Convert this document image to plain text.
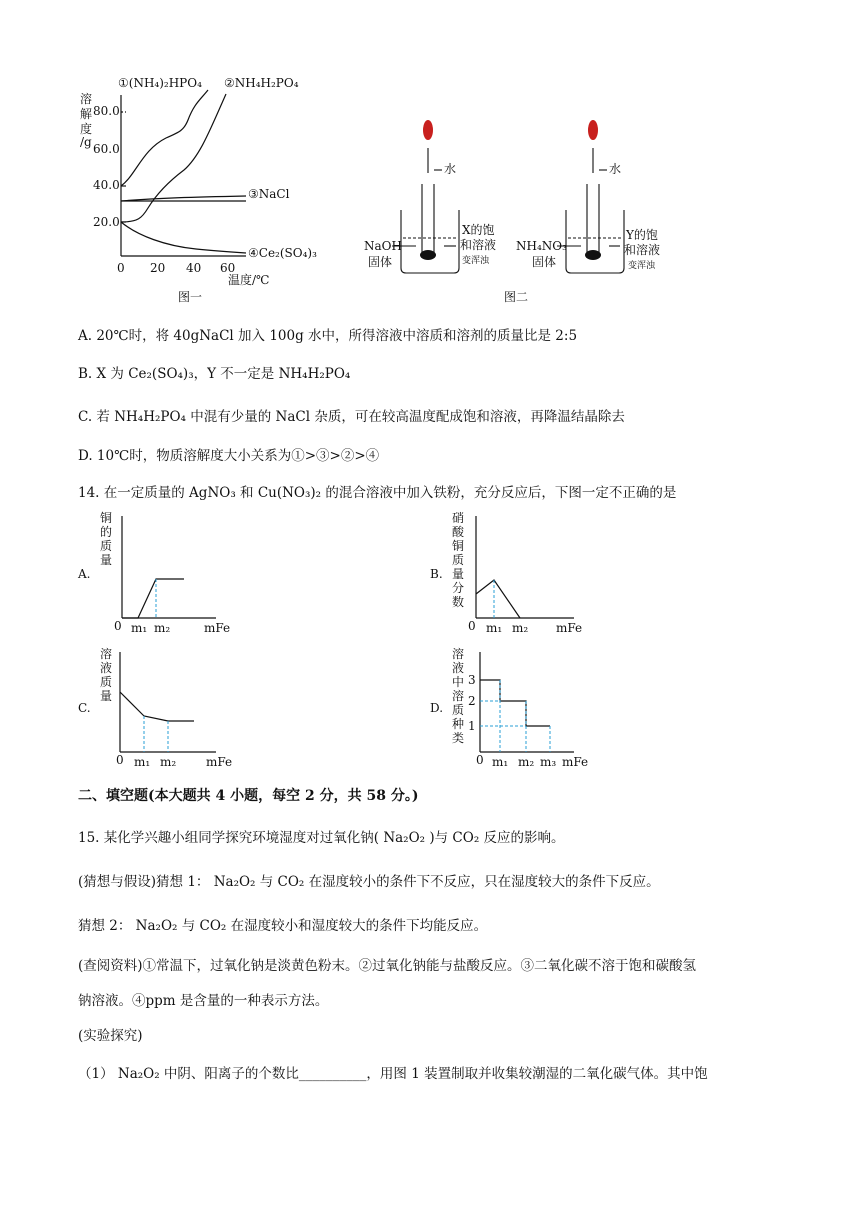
①(NH₄)₂HPO₄ ②NH₄H₂PO₄
③NaCl
④Ce₂(SO₄)₃
溶
解
度
/g
80.0
60.0
40.0
20.0
0 20 40 60
温度/℃
图一
水
NaOH
固体
X的饱
和溶液
变浑浊
水
NH₄NO₃
固体
Y的饱
和溶液
变浑浊
图二
A. 20℃时，将 40gNaCl 加入 100g 水中，所得溶液中溶质和溶剂的质量比是 2:5
B. X 为 Ce₂(SO₄)₃，Y 不一定是 NH₄H₂PO₄
C. 若 NH₄H₂PO₄ 中混有少量的 NaCl 杂质，可在较高温度配成饱和溶液，再降温结晶除去
D. 10℃时，物质溶解度大小关系为①>③>②>④
14. 在一定质量的 AgNO₃ 和 Cu(NO₃)₂ 的混合溶液中加入铁粉，充分反应后，下图一定不正确的是
A.
铜
的
质
量
0 m₁ m₂	mFe
B.
硝
酸
铜
质
量
分
数
0 m₁ m₂ mFe
C.
溶
液
质
量
0 m₁ m₂ mFe
D.
溶
液
中
溶
质
种
类
3
2
1
0 m₁ m₂ m₃ mFe
二、填空题(本大题共 4 小题，每空 2 分，共 58 分。)
15. 某化学兴趣小组同学探究环境湿度对过氧化钠( Na₂O₂ )与 CO₂ 反应的影响。
(猜想与假设)猜想 1： Na₂O₂ 与 CO₂ 在湿度较小的条件下不反应，只在湿度较大的条件下反应。
猜想 2： Na₂O₂ 与 CO₂ 在湿度较小和湿度较大的条件下均能反应。
(查阅资料)①常温下，过氧化钠是淡黄色粉末。②过氧化钠能与盐酸反应。③二氧化碳不溶于饱和碳酸氢
钠溶液。④ppm 是含量的一种表示方法。
(实验探究)
（1） Na₂O₂ 中阴、阳离子的个数比__________，用图 1 装置制取并收集较潮湿的二氧化碳气体。其中饱
